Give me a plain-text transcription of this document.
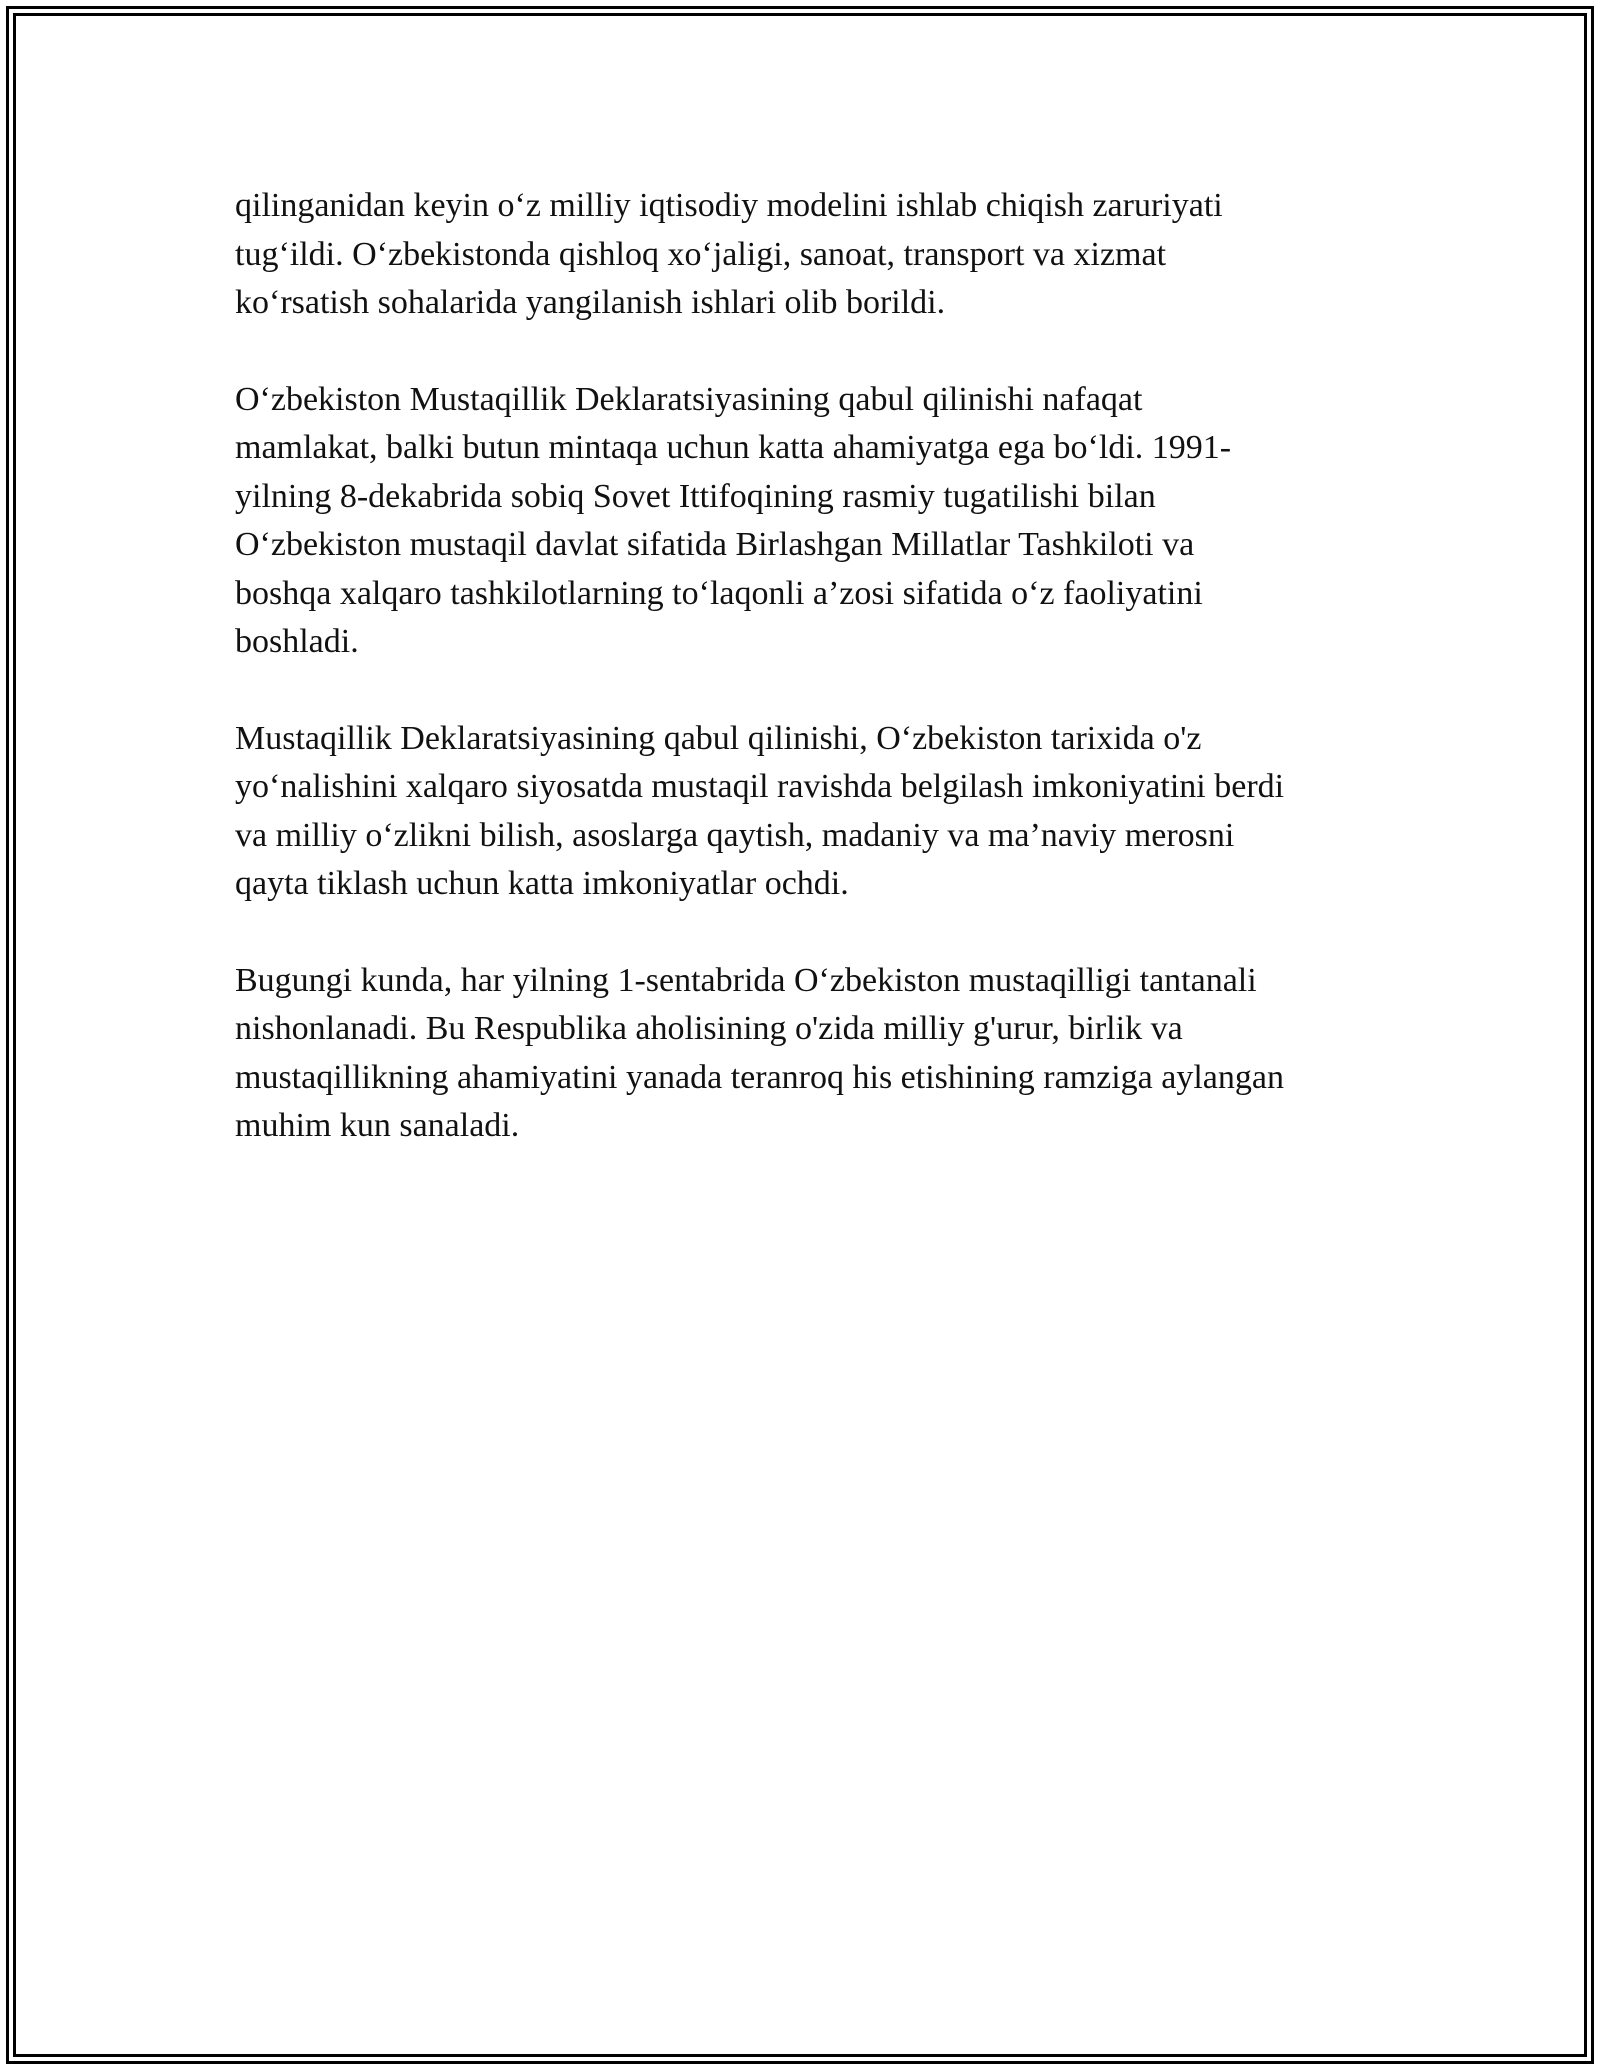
qilinganidan keyin o‘z milliy iqtisodiy modelini ishlab chiqish zaruriyati
tug‘ildi. O‘zbekistonda qishloq xo‘jaligi, sanoat, transport va xizmat
ko‘rsatish sohalarida yangilanish ishlari olib borildi.

O‘zbekiston Mustaqillik Deklaratsiyasining qabul qilinishi nafaqat
mamlakat, balki butun mintaqa uchun katta ahamiyatga ega bo‘ldi. 1991-
yilning 8-dekabrida sobiq Sovet Ittifoqining rasmiy tugatilishi bilan
O‘zbekiston mustaqil davlat sifatida Birlashgan Millatlar Tashkiloti va
boshqa xalqaro tashkilotlarning to‘laqonli a’zosi sifatida o‘z faoliyatini
boshladi.

Mustaqillik Deklaratsiyasining qabul qilinishi, O‘zbekiston tarixida o'z
yo‘nalishini xalqaro siyosatda mustaqil ravishda belgilash imkoniyatini berdi
va milliy o‘zlikni bilish, asoslarga qaytish, madaniy va ma’naviy merosni
qayta tiklash uchun katta imkoniyatlar ochdi.

Bugungi kunda, har yilning 1-sentabrida O‘zbekiston mustaqilligi tantanali
nishonlanadi. Bu Respublika aholisining o'zida milliy g'urur, birlik va
mustaqillikning ahamiyatini yanada teranroq his etishining ramziga aylangan
muhim kun sanaladi.
